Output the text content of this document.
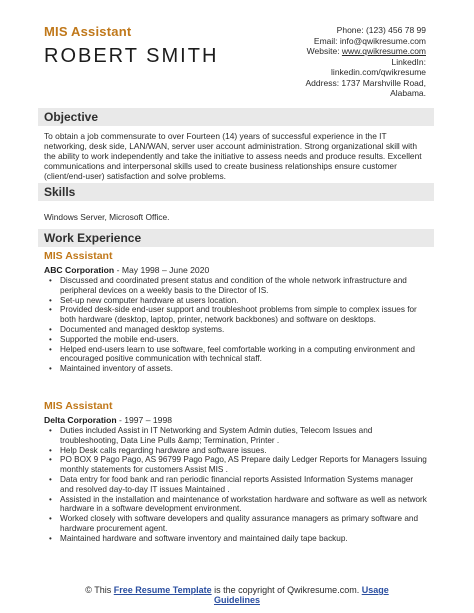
MIS Assistant
ROBERT SMITH
Phone: (123) 456 78 99
Email: info@qwikresume.com
Website: www.qwikresume.com
LinkedIn:
linkedin.com/qwikresume
Address: 1737 Marshville Road,
Alabama.
Objective
To obtain a job commensurate to over Fourteen (14) years of successful experience in the IT networking, desk side, LAN/WAN, server user account administration. Strong organizational skill with the ability to work independently and take the initiative to assess needs and produce results. Excellent communications and interpersonal skills used to create business relationships ensure customer (client/end-user) satisfaction and solve problems.
Skills
Windows Server, Microsoft Office.
Work Experience
MIS Assistant
ABC Corporation - May 1998 – June 2020
• Discussed and coordinated present status and condition of the whole network infrastructure and peripheral devices on a weekly basis to the Director of IS.
• Set-up new computer hardware at users location.
• Provided desk-side end-user support and troubleshoot problems from simple to complex issues for both hardware (desktop, laptop, printer, network backbones) and software on desktops.
• Documented and managed desktop systems.
• Supported the mobile end-users.
• Helped end-users learn to use software, feel comfortable working in a computing environment and encouraged positive communication with technical staff.
• Maintained inventory of assets.
MIS Assistant
Delta Corporation - 1997 – 1998
• Duties included Assist in IT Networking and System Admin duties, Telecom Issues and troubleshooting, Data Line Pulls &amp; Termination, Printer .
• Help Desk calls regarding hardware and software issues.
• PO BOX 9 Pago Pago, AS 96799 Pago Pago, AS Prepare daily Ledger Reports for Managers Issuing monthly statements for customers Assist MIS .
• Data entry for food bank and ran periodic financial reports Assisted Information Systems manager and resolved day-to-day IT issues Maintained .
• Assisted in the installation and maintenance of workstation hardware and software as well as network hardware in a software development environment.
• Worked closely with software developers and quality assurance managers as primary software and hardware procurement agent.
• Maintained hardware and software inventory and maintained daily tape backup.
© This Free Resume Template is the copyright of Qwikresume.com. Usage
Guidelines
